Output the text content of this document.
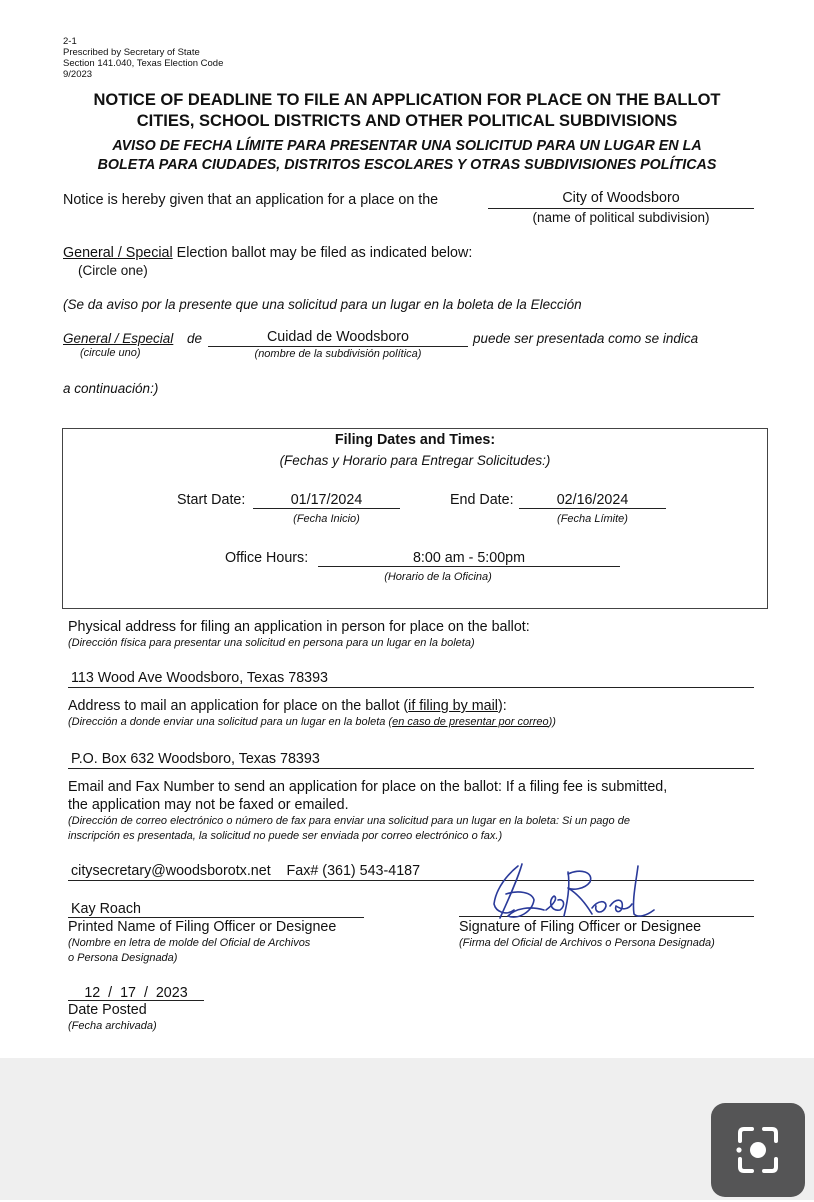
2-1
Prescribed by Secretary of State
Section 141.040, Texas Election Code
9/2023
NOTICE OF DEADLINE TO FILE AN APPLICATION FOR PLACE ON THE BALLOT
CITIES, SCHOOL DISTRICTS AND OTHER POLITICAL SUBDIVISIONS
AVISO DE FECHA LÍMITE PARA PRESENTAR UNA SOLICITUD PARA UN LUGAR EN LA
BOLETA PARA CIUDADES, DISTRITOS ESCOLARES Y OTRAS SUBDIVISIONES POLÍTICAS
Notice is hereby given that an application for a place on the	City of Woodsboro
(name of political subdivision)
General / Special Election ballot may be filed as indicated below:
(Circle one)
(Se da aviso por la presente que una solicitud para un lugar en la boleta de la Elección
General / Especial de	Cuidad de Woodsboro
(nombre de la subdivisión política)
puede ser presentada como se indica
(circule uno)
a continuación:)
Filing Dates and Times:
(Fechas y Horario para Entregar Solicitudes:)
Start Date:	01/17/2024
(Fecha Inicio)
End Date:	02/16/2024
(Fecha Límite)
Office Hours:	8:00 am - 5:00pm
(Horario de la Oficina)
Physical address for filing an application in person for place on the ballot:
(Dirección física para presentar una solicitud en persona para un lugar en la boleta)
113 Wood Ave Woodsboro, Texas 78393
Address to mail an application for place on the ballot (if filing by mail):
(Dirección a donde enviar una solicitud para un lugar en la boleta (en caso de presentar por correo))
P.O. Box 632 Woodsboro, Texas 78393
Email and Fax Number to send an application for place on the ballot: If a filing fee is submitted,
the application may not be faxed or emailed.
(Dirección de correo electrónico o número de fax para enviar una solicitud para un lugar en la boleta: Si un pago de
inscripción es presentada, la solicitud no puede ser enviada por correo electrónico o fax.)
citysecretary@woodsborotx.net    Fax# (361) 543-4187
Kay Roach
Printed Name of Filing Officer or Designee
(Nombre en letra de molde del Oficial de Archivos
o Persona Designada)
Signature of Filing Officer or Designee
(Firma del Oficial de Archivos o Persona Designada)
12  /  17  /  2023
Date Posted
(Fecha archivada)
